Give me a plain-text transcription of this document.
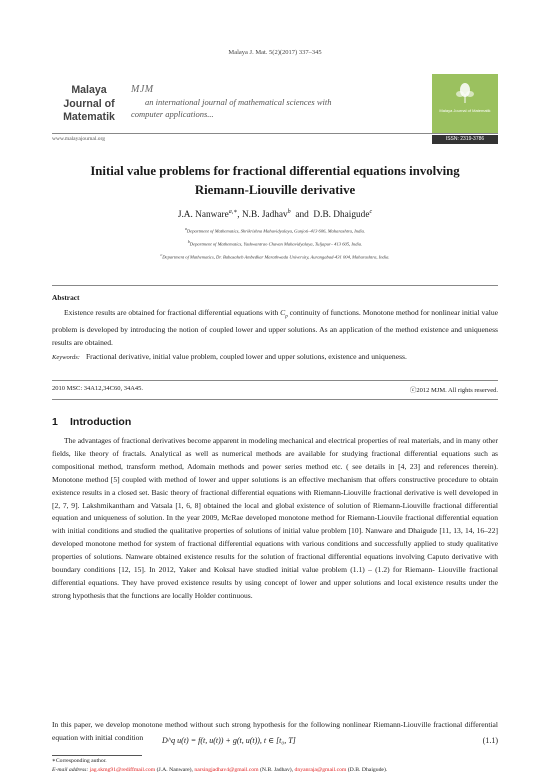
Malaya J. Mat. 5(2)(2017) 337–345
Malaya
Journal of
Matematik
MJM
an international journal of mathematical sciences with
computer applications...	Malaya Journal of Matematik
www.malayajournal.org	ISSN: 2319-3786
Initial value problems for fractional differential equations involving
Riemann-Liouville derivative
J.A. Nanware$^{a,∗}$, N.B. Jadhav$^b$ and D.B. Dhaigude$^c$
$^a$Department of Mathematics, Shrikrishna Mahavidyalaya, Gunjoti–413 606, Maharashtra, India.
$^b$Department of Mathematics, Yashwantrao Chavan Mahavidyalaya, Tuljapur– 413 605, India.
$^c$Department of Mathematics, Dr. Babasaheb Ambedkar Marathwada University, Aurangabad-431 004, Maharashtra, India.
Abstract
Existence results are obtained for fractional differential equations with $C_p$ continuity of functions. Monotone method for nonlinear initial value problem is developed by introducing the notion of coupled lower and upper solutions. As an application of the method existence and uniqueness results are obtained.
Keywords: Fractional derivative, initial value problem, coupled lower and upper solutions, existence and uniqueness.
2010 MSC: 34A12,34C60, 34A45.	ⓒ2012 MJM. All rights reserved.
1 Introduction
The advantages of fractional derivatives become apparent in modeling mechanical and electrical properties of real materials, and in many other fields, like theory of fractals. Analytical as well as numerical methods are available for studying fractional differential equations such as compositional method, transform method, Adomain methods and power series method etc. ( see details in [4, 23] and references therein). Monotone method [5] coupled with method of lower and upper solutions is an effective mechanism that offers constructive procedure to obtain existence results in a closed set. Basic theory of fractional differential equations with Riemann-Liouville fractional derivative is well developed in [2, 7, 9]. Lakshmikantham and Vatsala [1, 6, 8] obtained the local and global existence of solution of Riemann-Liouville fractional differential equation and uniqueness of solution. In the year 2009, McRae developed monotone method for Riemann-Liouvile fractional differential equation with initial conditions and studied the qualitative properties of solutions of initial value problem [10]. Nanware and Dhaigude [11, 13, 14, 16–22] developed monotone method for system of fractional differential equations with various conditions and successfully applied to study qualitative properties of solutions. Nanware obtained existence results for the solution of fractional differential equations involving Caputo derivative with boundary conditions [12, 15]. In 2012, Yaker and Koksal have studied initial value problem (1.1) – (1.2) for Riemann- Liouville fractional differential equations. They have proved existence results by using concept of lower and upper solutions and local existence results under the strong hypothesis that the functions are locally Holder continuous.
In this paper, we develop monotone method without such strong hypothesis for the following nonlinear Riemann-Liouville fractional differential equation with initial condition	D^q u(t) = f(t, u(t)) + g(t, u(t)), t ∈ [t₀, T]	(1.1)
∗Corresponding author.
E-mail address: jag.skmg91@rediffmail.com (J.A. Nanware), narsingjadhav4@gmail.com (N.B. Jadhav), dnyanraja@gmail.com (D.B. Dhaigude).
